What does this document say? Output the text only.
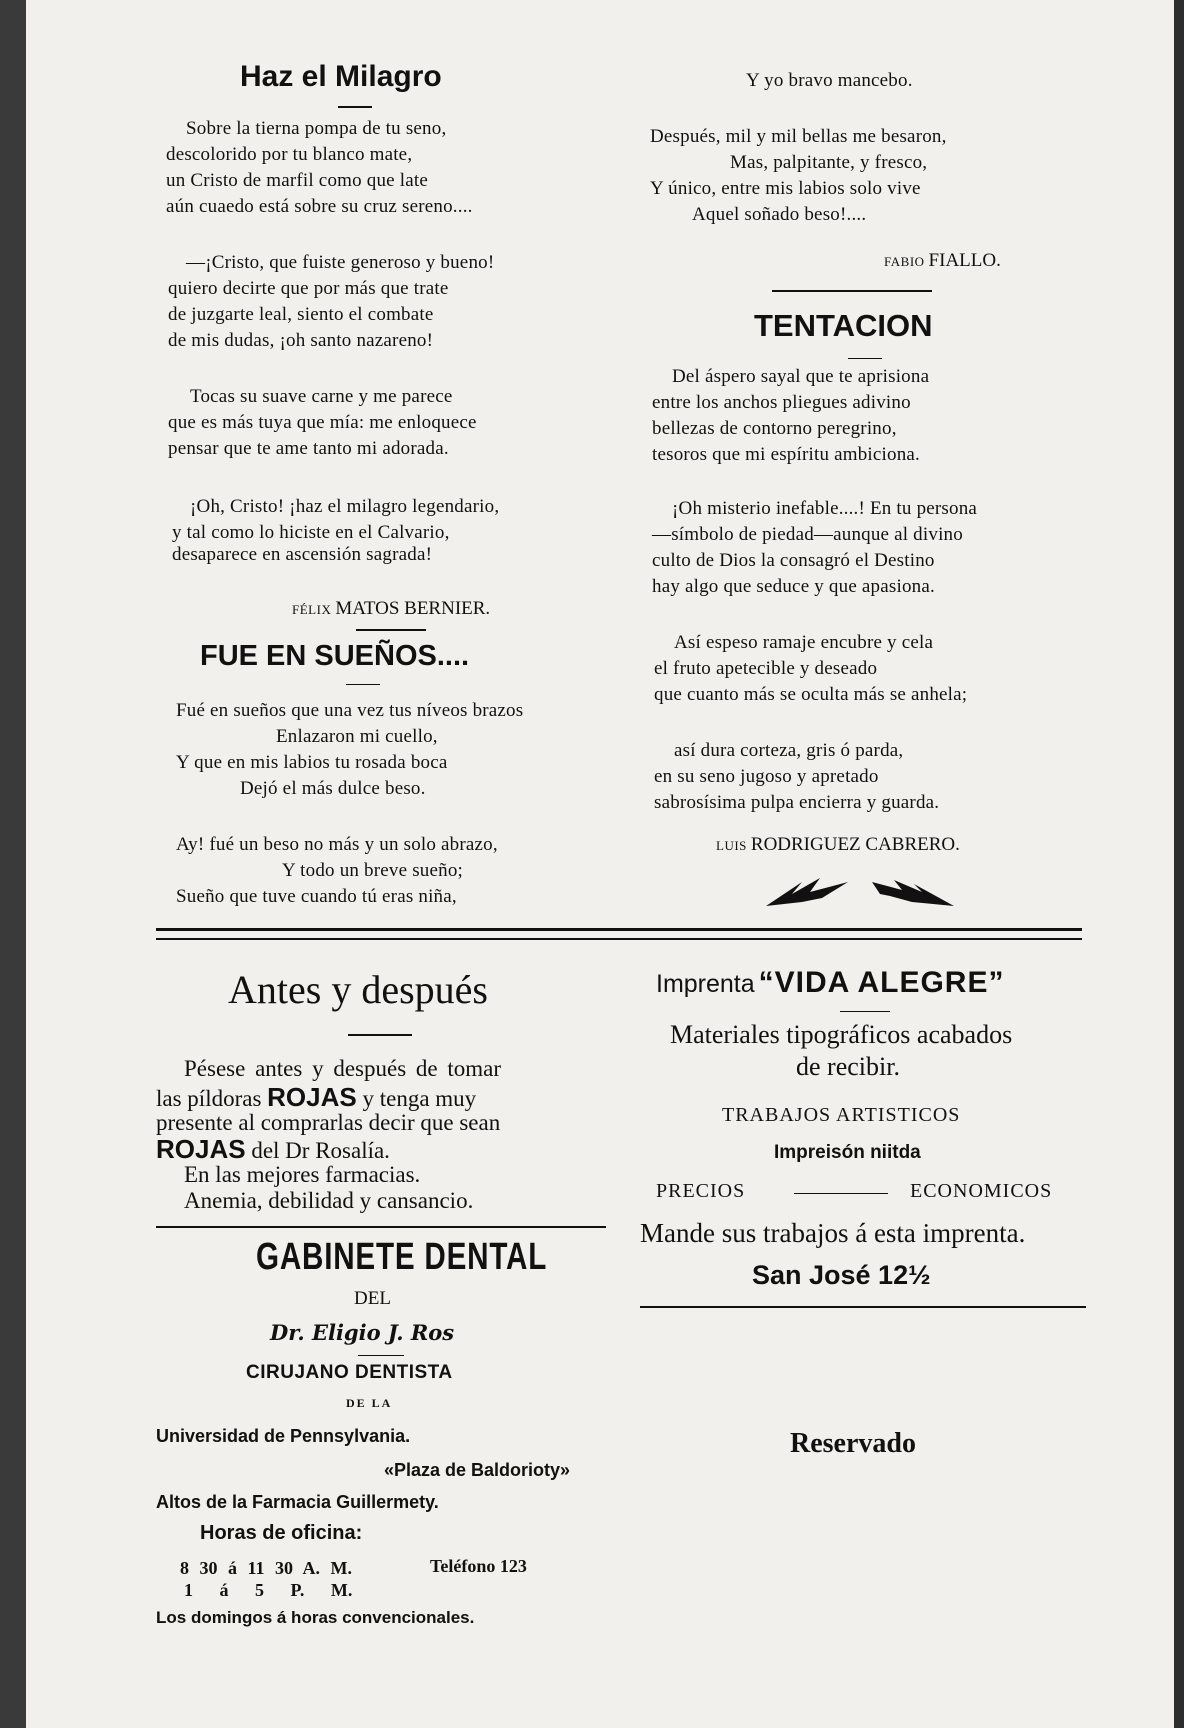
Haz el Milagro
Sobre la tierna pompa de tu seno,
descolorido por tu blanco mate,
un Cristo de marfil como que late
aún cuaedo está sobre su cruz sereno....
—¡Cristo, que fuiste generoso y bueno!
quiero decirte que por más que trate
de juzgarte leal, siento el combate
de mis dudas, ¡oh santo nazareno!
Tocas su suave carne y me parece
que es más tuya que mía: me enloquece
pensar que te ame tanto mi adorada.
¡Oh, Cristo! ¡haz el milagro legendario,
y tal como lo hiciste en el Calvario,
desaparece en ascensión sagrada!
FÉLIX MATOS BERNIER.
FUE EN SUEÑOS....
Fué en sueños que una vez tus níveos brazos
Enlazaron mi cuello,
Y que en mis labios tu rosada boca
Dejó el más dulce beso.
Ay! fué un beso no más y un solo abrazo,
Y todo un breve sueño;
Sueño que tuve cuando tú eras niña,
Y yo bravo mancebo.
Después, mil y mil bellas me besaron,
Mas, palpitante, y fresco,
Y único, entre mis labios solo vive
Aquel soñado beso!....
FABIO FIALLO.
TENTACION
Del áspero sayal que te aprisiona
entre los anchos pliegues adivino
bellezas de contorno peregrino,
tesoros que mi espíritu ambiciona.
¡Oh misterio inefable....! En tu persona
—símbolo de piedad—aunque al divino
culto de Dios la consagró el Destino
hay algo que seduce y que apasiona.
Así espeso ramaje encubre y cela
el fruto apetecible y deseado
que cuanto más se oculta más se anhela;
así dura corteza, gris ó parda,
en su seno jugoso y apretado
sabrosísima pulpa encierra y guarda.
LUIS RODRIGUEZ CABRERO.
Antes y después
Pésese antes y después de tomar
las píldoras ROJAS y tenga muy
presente al comprarlas decir que sean
ROJAS del Dr Rosalía.
En las mejores farmacias.
Anemia, debilidad y cansancio.
GABINETE DENTAL
DEL
Dr. Eligio J. Ros
CIRUJANO DENTISTA
DE LA
Universidad de Pennsylvania.
«Plaza de Baldorioty»
Altos de la Farmacia Guillermety.
Horas de oficina:
8 30 á 11 30 A. M.	Teléfono 123
1 á 5 P. M.
Los domingos á horas convencionales.
Imprenta “VIDA ALEGRE”
Materiales tipográficos acabados
de recibir.
TRABAJOS ARTISTICOS
Impreisón niitda
PRECIOS	ECONOMICOS
Mande sus trabajos á esta imprenta.
San José 12½
Reservado
